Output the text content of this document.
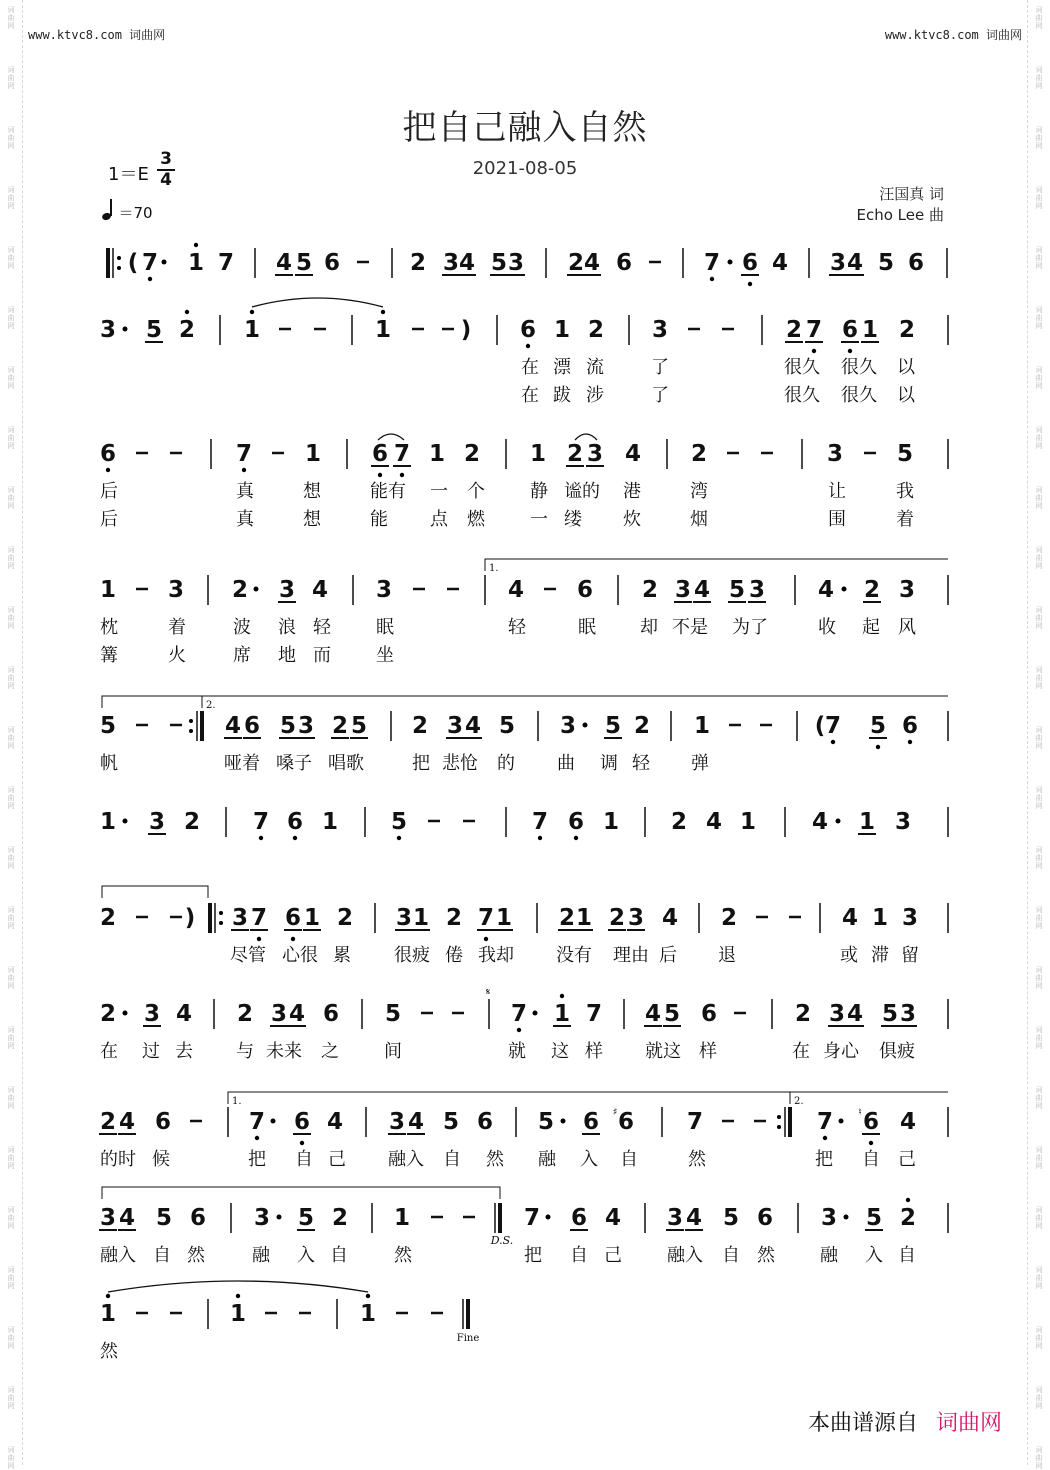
词
曲
网
词
曲
网
词
曲
网
词
曲
网
词
曲
网
词
曲
网
词
曲
网
词
曲
网
词
曲
网
词
曲
网
词
曲
网
词
曲
网
词
曲
网
词
曲
网
词
曲
网
词
曲
网
词
曲
网
词
曲
网
词
曲
网
词
曲
网
词
曲
网
词
曲
网
词
曲
网
词
曲
网
词
曲
网
词
曲
网
词
曲
网
词
曲
网
词
曲
网
词
曲
网
词
曲
网
词
曲
网
词
曲
网
词
曲
网
词
曲
网
词
曲
网
词
曲
网
词
曲
网
词
曲
网
词
曲
网
词
曲
网
词
曲
网
词
曲
网
词
曲
网
词
曲
网
词
曲
网
词
曲
网
词
曲
网
词
曲
网
词
曲
网
www.ktvc8.com 词曲网	www.ktvc8.com 词曲网
把自己融入自然
2021-08-05
1＝E
3
4
＝70
汪国真 词
Echo Lee 曲
( 7 1 7 4 5 6	2 3 4 5 3 2 4 6	7 6 4 3 4 5 6
3 5 2 1	1	) 6 1 2 3	2 7 6 1 2
在 漂 流	了	很久 很久 以
在 跋 涉	了	很久 很久 以
6	7 1 6 7 1 2 1 2 3 4 2	3 5
后	真	想	能有 一 个	静 谧的 港	湾	让	我
后	真	想	能 点 燃	一 缕 炊	烟	围	着
1 3 2 3 4 3	4 6 2 3 4 5 3 4 2 3
1.
枕	着	波 浪 轻	眠	轻	眠 却 不是 为了	收 起 风
篝	火	席 地 而	坐
5	4 6 5 3 2 5 2 3 4 5 3 5 2 1	( 7 5 6
2.
帆	哑着 嗓子 唱歌	把 悲怆 的 曲 调 轻 弹
1 3 2 7 6 1 5	7 6 1 2 4 1 4 1 3
2	) 3 7 6 1 2 3 1 2 7 1 2 1 2 3 4 2	4 1 3
尽管 心很 累 很疲 倦 我却 没有 理由 后 退	或 滞 留
2 3 4 2 3 4 6 5	7 1 7 4 5 6	2 3 4 5 3
𝄋
在 过 去 与 未来 之	间	就 这 样 就这 样	在 身心 俱疲
2 4 6	7 6 4 3 4 5 6 5 6 6
♯	7	7 6
♮ 4
1.	2.
的时 候	把 自 己 融入 自 然 融 入 自	然	把 自 己
3 4 5 6 3 5 2 1	7 6 4 3 4 5 6 3 5 2
D.S.
融入 自 然	融 入 自	然	把 自 己	融入 自 然	融 入 自
1	1	1
Fine
然
本曲谱源自 词曲网
